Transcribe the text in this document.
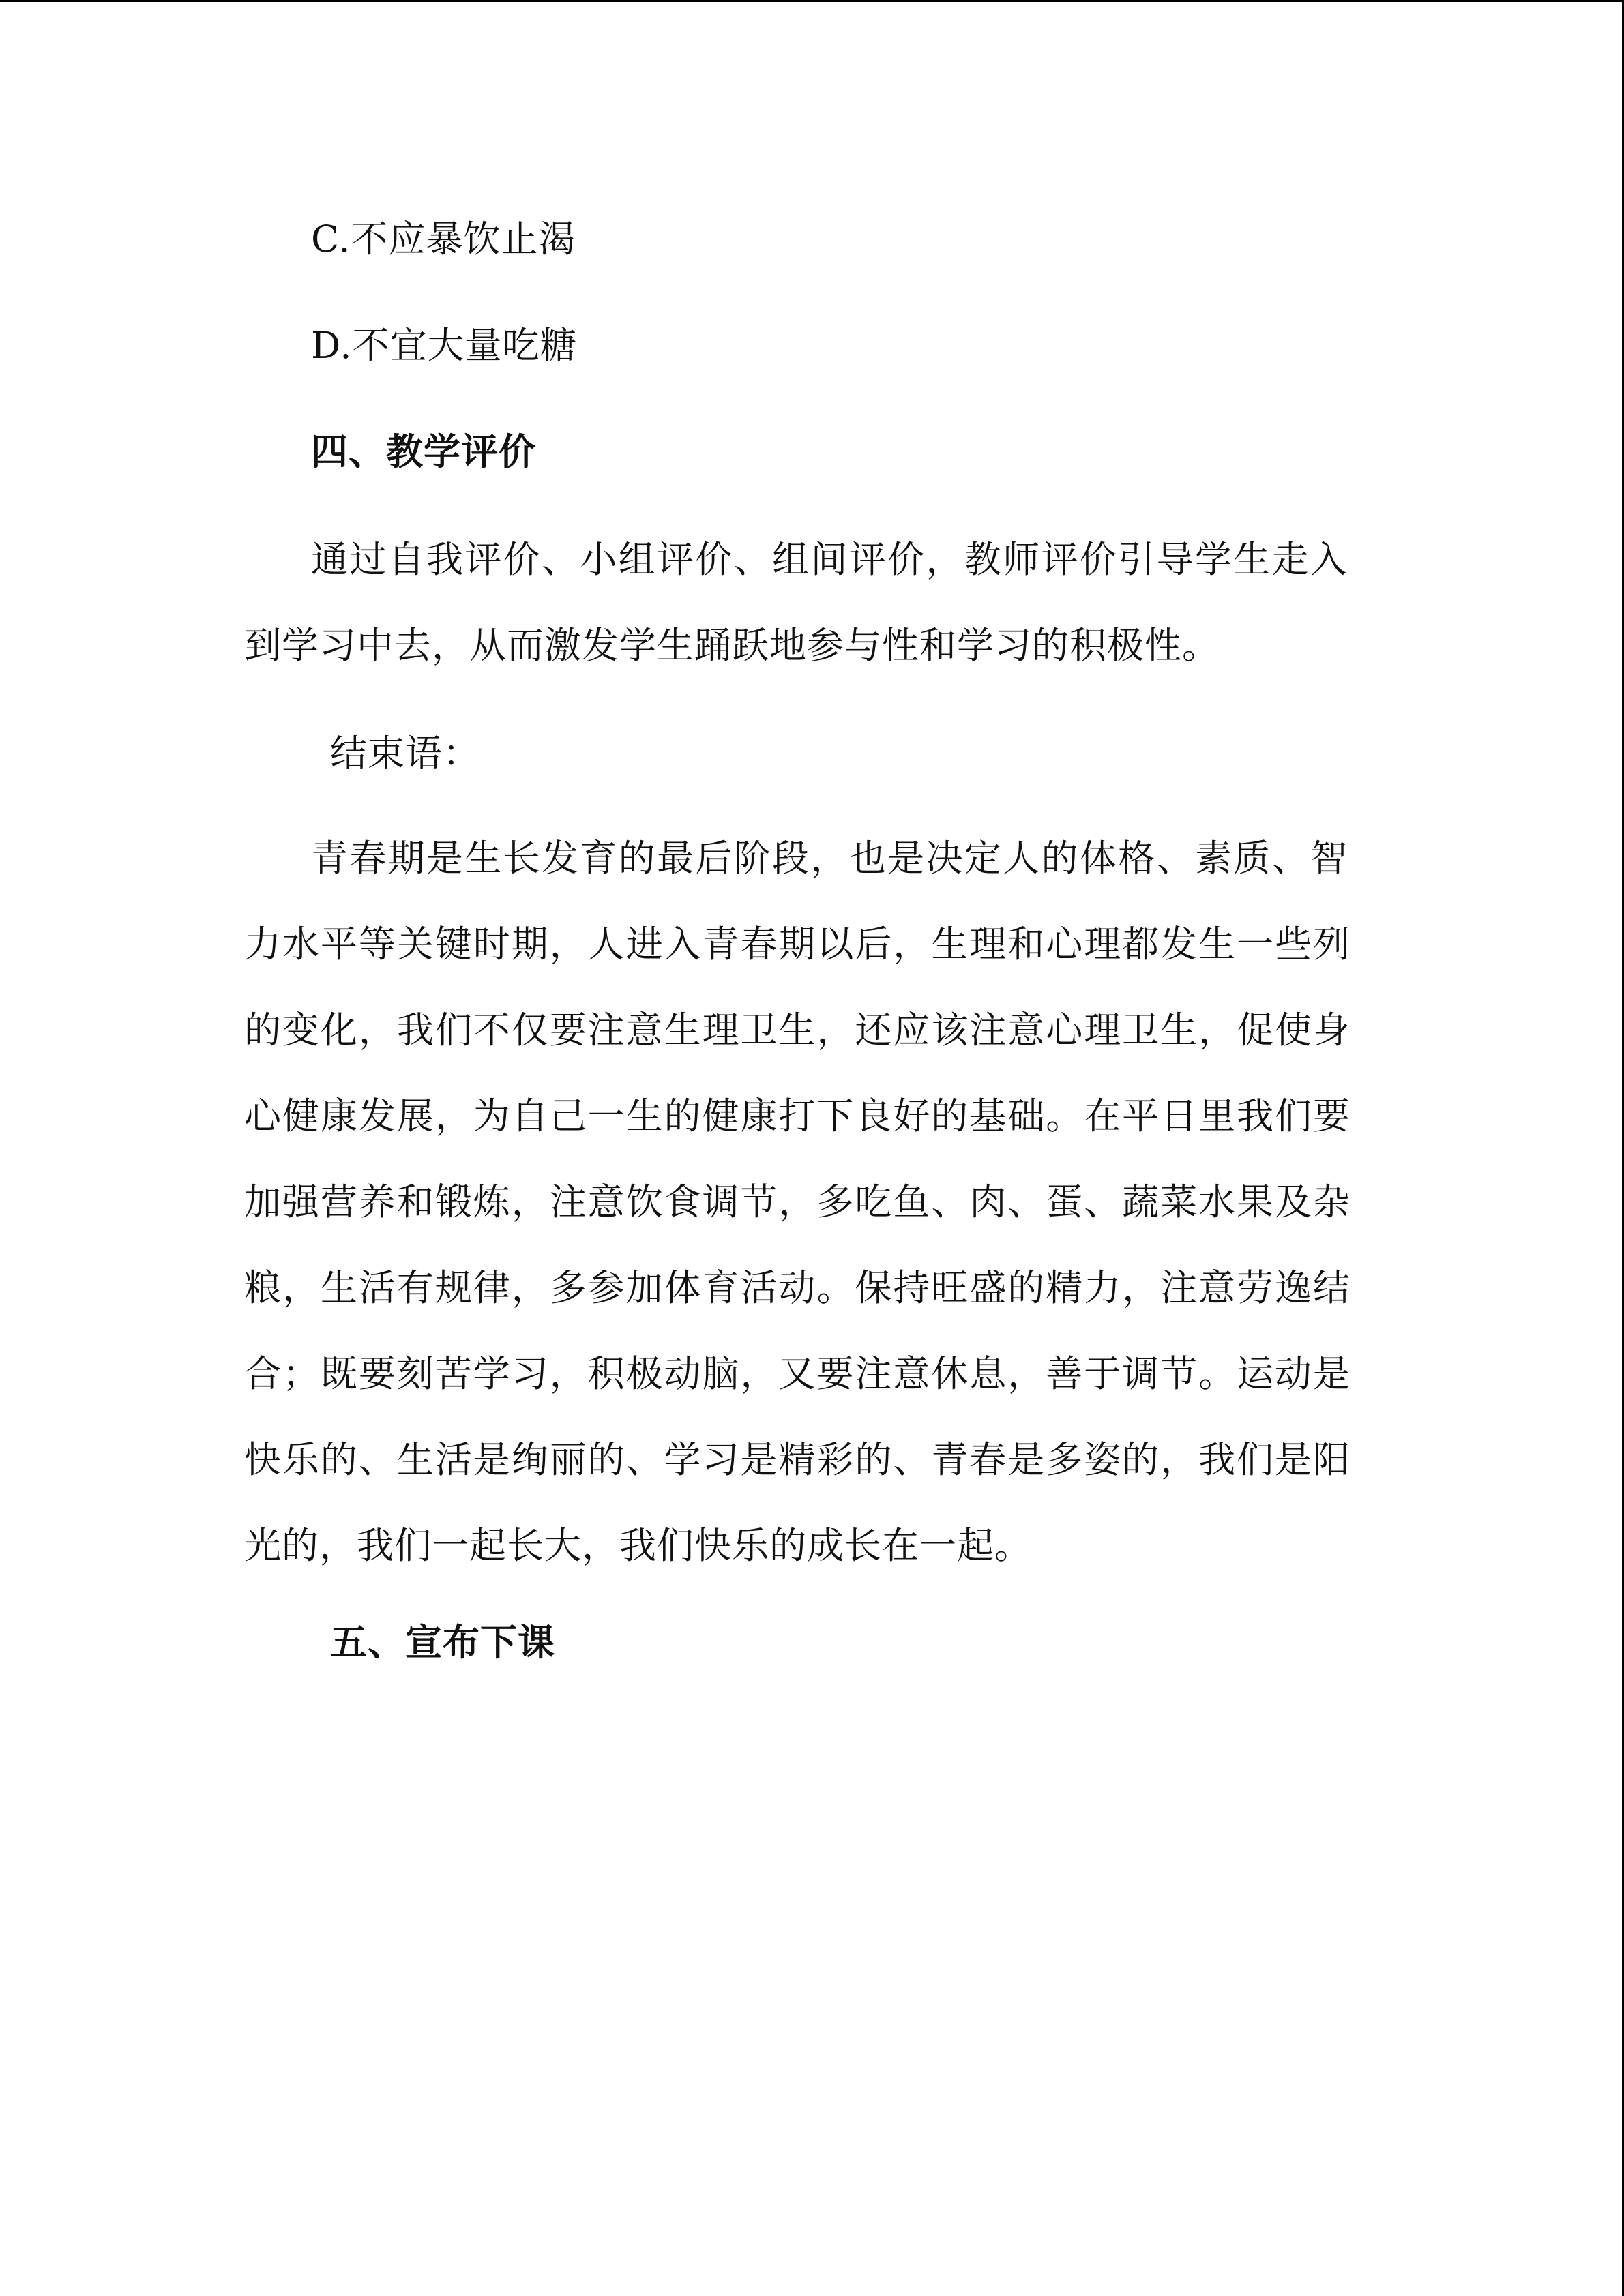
C.不应暴饮止渴
D.不宜大量吃糖
四、教学评价
通过自我评价、小组评价、组间评价，教师评价引导学生走入
到学习中去，从而激发学生踊跃地参与性和学习的积极性。
结束语：
青春期是生长发育的最后阶段，也是决定人的体格、素质、智
力水平等关键时期，人进入青春期以后，生理和心理都发生一些列
的变化，我们不仅要注意生理卫生，还应该注意心理卫生，促使身
心健康发展，为自己一生的健康打下良好的基础。在平日里我们要
加强营养和锻炼，注意饮食调节，多吃鱼、肉、蛋、蔬菜水果及杂
粮，生活有规律，多参加体育活动。保持旺盛的精力，注意劳逸结
合；既要刻苦学习，积极动脑，又要注意休息，善于调节。运动是
快乐的、生活是绚丽的、学习是精彩的、青春是多姿的，我们是阳
光的，我们一起长大，我们快乐的成长在一起。
五、宣布下课
